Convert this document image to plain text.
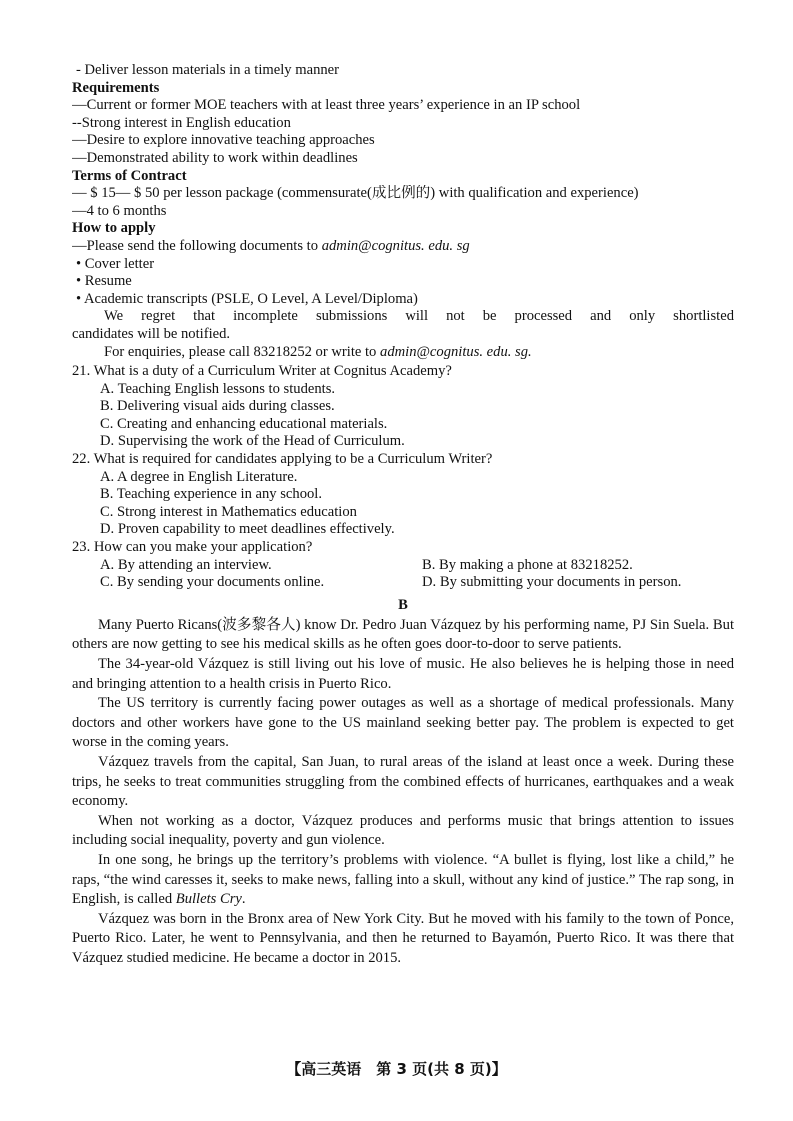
- Deliver lesson materials in a timely manner
Requirements
—Current or former MOE teachers with at least three years’ experience in an IP school
--Strong interest in English education
—Desire to explore innovative teaching approaches
—Demonstrated ability to work within deadlines
Terms of Contract
— $ 15— $ 50 per lesson package (commensurate(成比例的) with qualification and experience)
—4 to 6 months
How to apply
—Please send the following documents to admin@cognitus. edu. sg
• Cover letter
• Resume
• Academic transcripts (PSLE, O Level, A Level/Diploma)
We regret that incomplete submissions will not be processed and only shortlisted
candidates will be notified.
For enquiries, please call 83218252 or write to admin@cognitus. edu. sg.
21. What is a duty of a Curriculum Writer at Cognitus Academy?
A. Teaching English lessons to students.
B. Delivering visual aids during classes.
C. Creating and enhancing educational materials.
D. Supervising the work of the Head of Curriculum.
22. What is required for candidates applying to be a Curriculum Writer?
A. A degree in English Literature.
B. Teaching experience in any school.
C. Strong interest in Mathematics education
D. Proven capability to meet deadlines effectively.
23. How can you make your application?
A. By attending an interview.	B. By making a phone at 83218252.
C. By sending your documents online.	D. By submitting your documents in person.
B

Many Puerto Ricans(波多黎各人) know Dr. Pedro Juan Vázquez by his performing name, PJ Sin Suela. But others are now getting to see his medical skills as he often goes door-to-door to serve patients.

The 34-year-old Vázquez is still living out his love of music. He also believes he is helping those in need and bringing attention to a health crisis in Puerto Rico.

The US territory is currently facing power outages as well as a shortage of medical professionals. Many doctors and other workers have gone to the US mainland seeking better pay. The problem is expected to get worse in the coming years.

Vázquez travels from the capital, San Juan, to rural areas of the island at least once a week. During these trips, he seeks to treat communities struggling from the combined effects of hurricanes, earthquakes and a weak economy.

When not working as a doctor, Vázquez produces and performs music that brings attention to issues including social inequality, poverty and gun violence.

In one song, he brings up the territory’s problems with violence. “A bullet is flying, lost like a child,” he raps, “the wind caresses it, seeks to make news, falling into a skull, without any kind of justice.” The rap song, in English, is called Bullets Cry.

Vázquez was born in the Bronx area of New York City. But he moved with his family to the town of Ponce, Puerto Rico. Later, he went to Pennsylvania, and then he returned to Bayamón, Puerto Rico. It was there that Vázquez studied medicine. He became a doctor in 2015.

【高三英语　第 3 页(共 8 页)】
